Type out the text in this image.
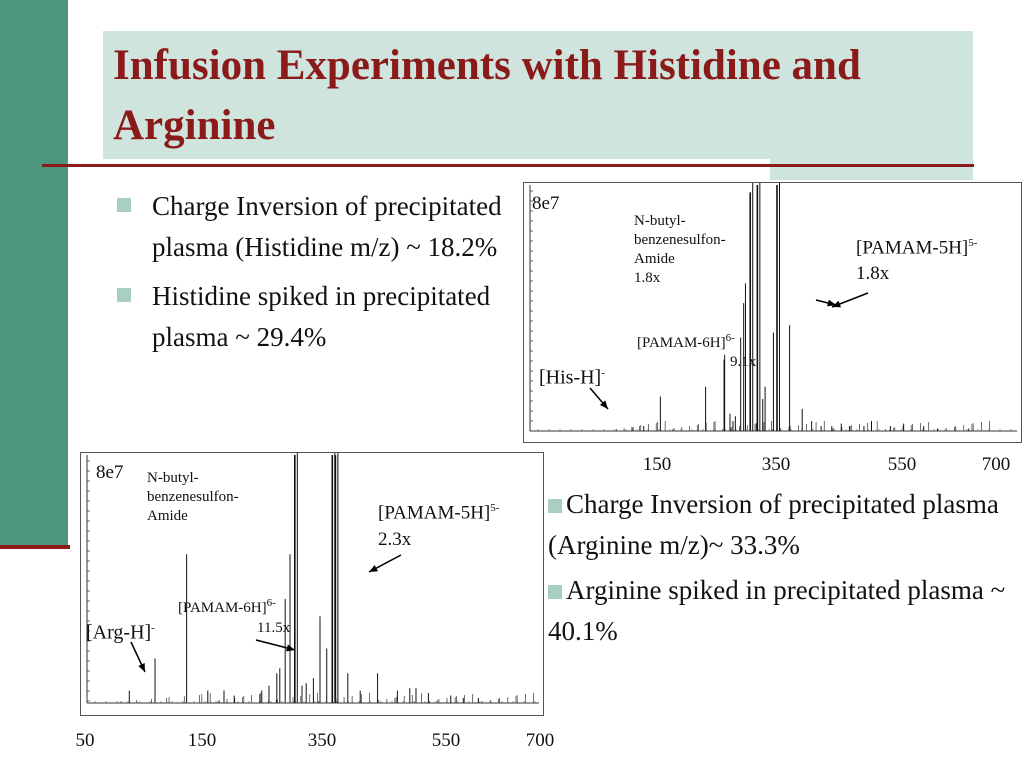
Infusion Experiments with Histidine and Arginine
Charge Inversion of precipitated plasma (Histidine m/z) ~ 18.2%
Histidine spiked in precipitated plasma ~ 29.4%
8e7
N-butyl-
benzenesulfon-
Amide
1.8x
[PAMAM-5H]$^{5-}$
1.8x
[PAMAM-6H]$^{6-}$
9.1x
[His-H]-
150	350	550	700
8e7 N-butyl-
benzenesulfon-
Amide	[PAMAM-5H]$^{5-}$
2.3x
[PAMAM-6H]$^{6-}$
11.5x
[Arg-H]-
50	150	350	550	700
Charge Inversion of precipitated plasma (Arginine m/z)~ 33.3%
Arginine spiked in precipitated plasma ~ 40.1%
